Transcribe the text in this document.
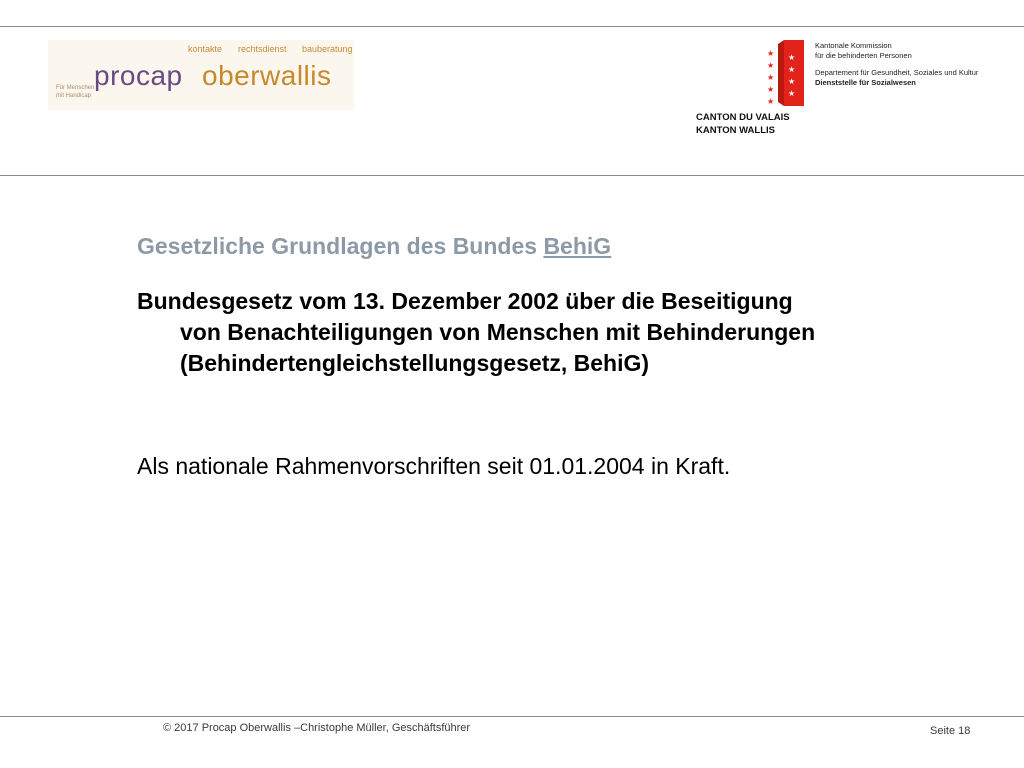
kontakte rechtsdienst bauberatung
Für Menschen
mit Handicap
procap oberwallis
★
★
★
★
★
★
★
★
★
Kantonale Kommission
für die behinderten Personen
Departement für Gesundheit, Soziales und Kultur
Dienststelle für Sozialwesen
CANTON DU VALAIS
KANTON WALLIS
Gesetzliche Grundlagen des Bundes BehiG
Bundesgesetz vom 13. Dezember 2002 über die Beseitigung
von Benachteiligungen von Menschen mit Behinderungen
(Behindertengleichstellungsgesetz, BehiG)
Als nationale Rahmenvorschriften seit 01.01.2004 in Kraft.
© 2017 Procap Oberwallis –Christophe Müller, Geschäftsführer	Seite 18
